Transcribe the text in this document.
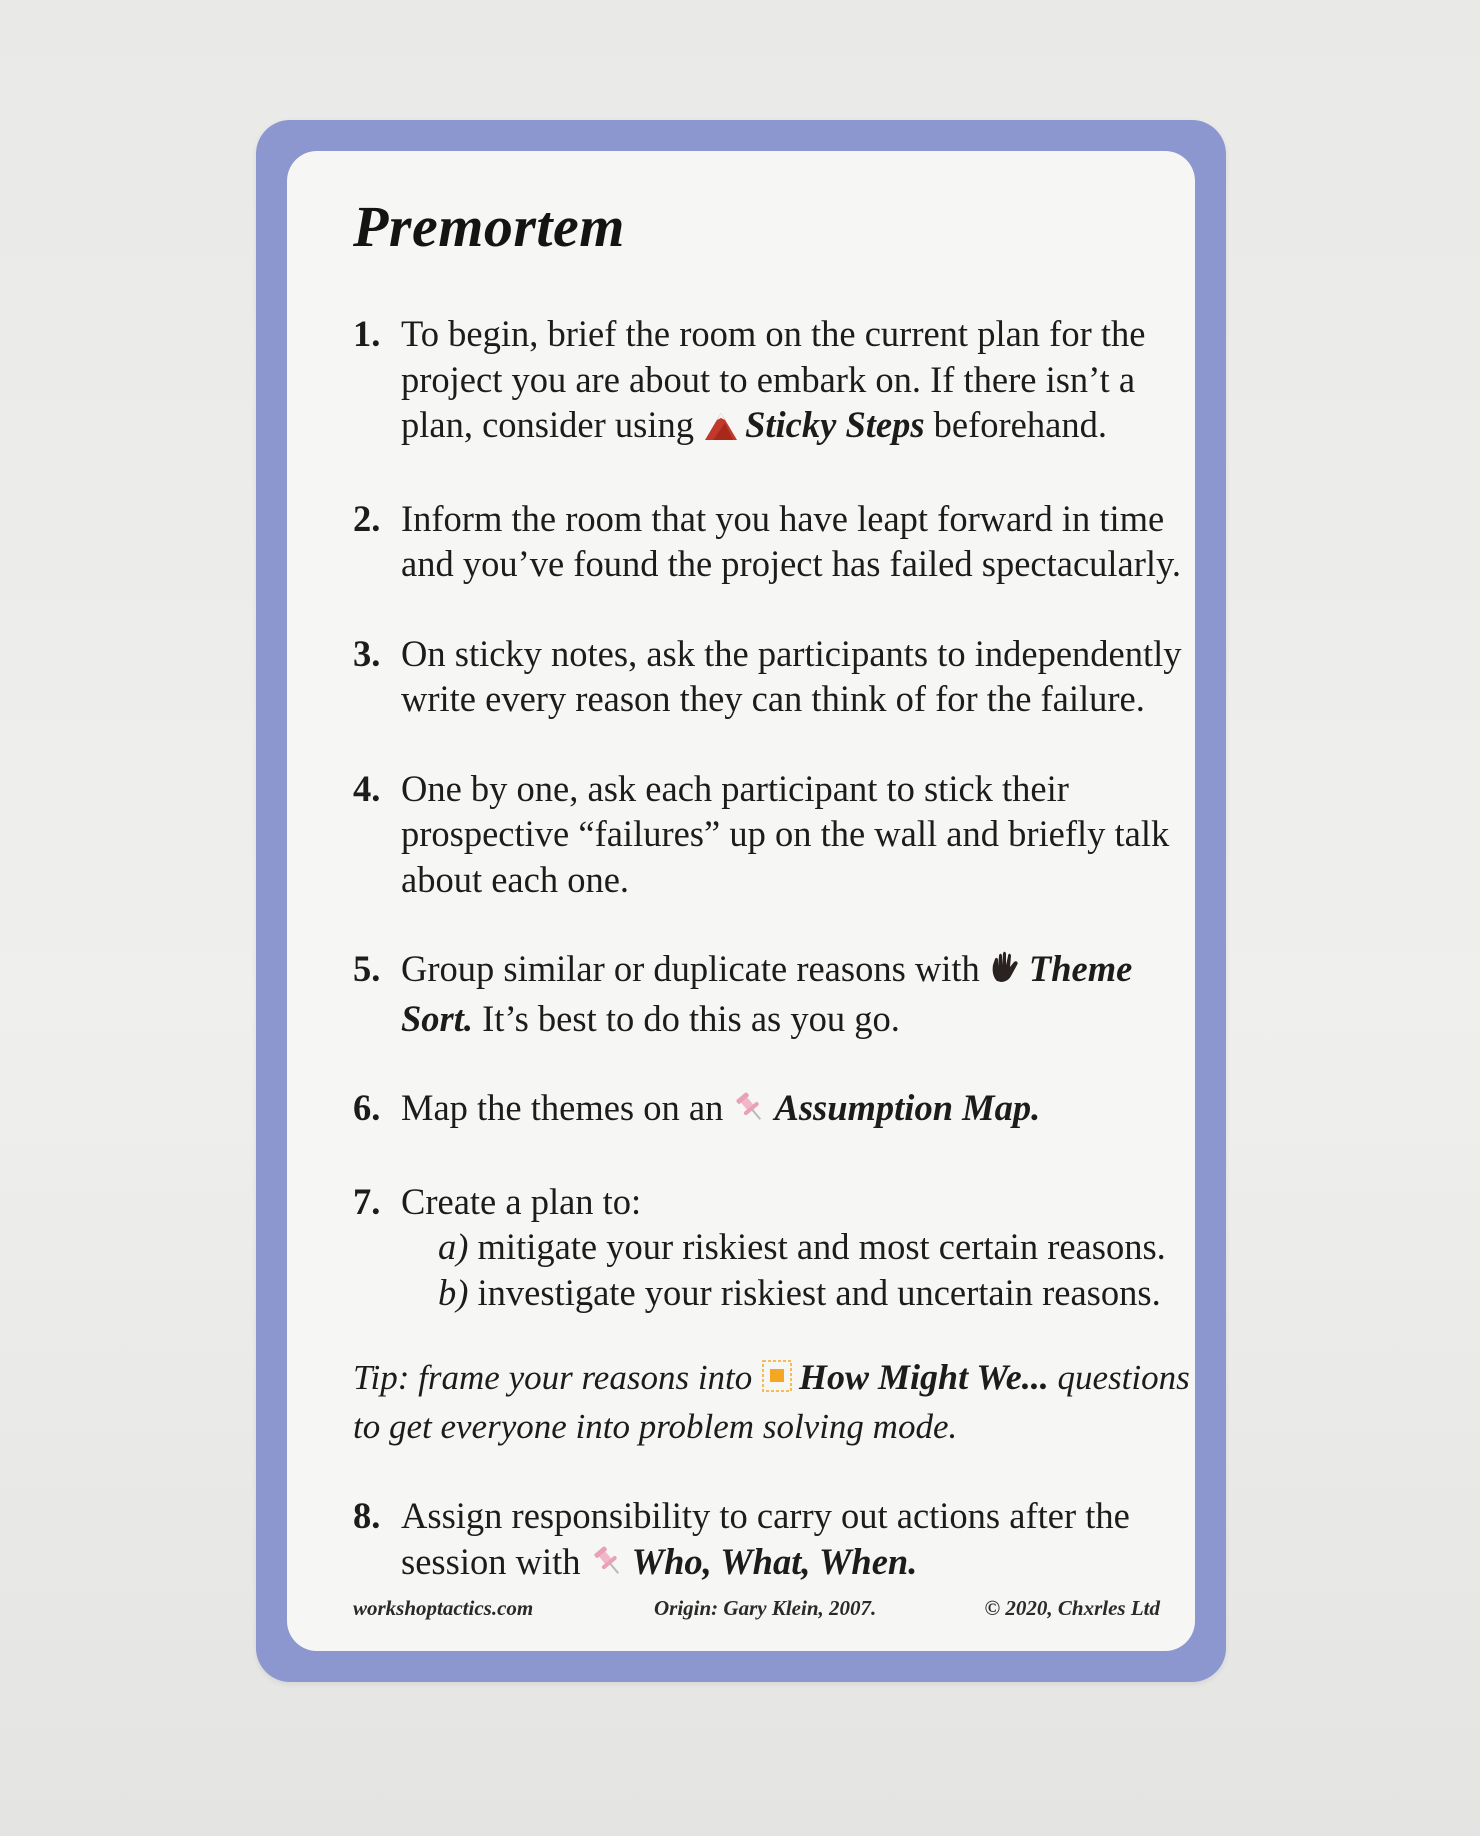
Premortem
1. To begin, brief the room on the current plan for the
project you are about to embark on. If there isn’t a
plan, consider using Sticky Steps beforehand.
2. Inform the room that you have leapt forward in time
and you’ve found the project has failed spectacularly.
3. On sticky notes, ask the participants to independently
write every reason they can think of for the failure.
4. One by one, ask each participant to stick their
prospective “failures” up on the wall and briefly talk
about each one.
5. Group similar or duplicate reasons with Theme
Sort. It’s best to do this as you go.
6. Map the themes on an Assumption Map.
7. Create a plan to:

a) mitigate your riskiest and most certain reasons.
b) investigate your riskiest and uncertain reasons.
Tip: frame your reasons into How Might We... questions
to get everyone into problem solving mode.
8. Assign responsibility to carry out actions after the
session with Who, What, When.
workshoptactics.com	Origin: Gary Klein, 2007.	© 2020, Chxrles Ltd
